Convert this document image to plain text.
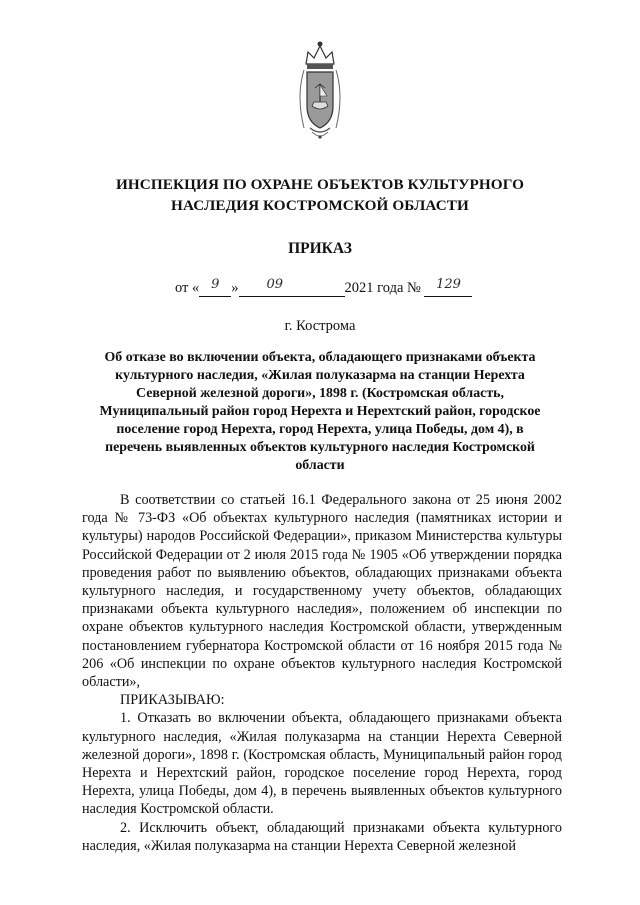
ИНСПЕКЦИЯ ПО ОХРАНЕ ОБЪЕКТОВ КУЛЬТУРНОГО
НАСЛЕДИЯ КОСТРОМСКОЙ ОБЛАСТИ
ПРИКАЗ
от « 9 » 09	2021 года № 129
г. Кострома
Об отказе во включении объекта, обладающего признаками объекта
культурного наследия, «Жилая полуказарма на станции Нерехта
Северной железной дороги», 1898 г. (Костромская область,
Муниципальный район город Нерехта и Нерехтский район, городское
поселение город Нерехта, город Нерехта, улица Победы, дом 4), в
перечень выявленных объектов культурного наследия Костромской
области

В соответствии со статьей 16.1 Федерального закона от 25 июня 2002 года № 73-ФЗ «Об объектах культурного наследия (памятниках истории и культуры) народов Российской Федерации», приказом Министерства культуры Российской Федерации от 2 июля 2015 года № 1905 «Об утверждении порядка проведения работ по выявлению объектов, обладающих признаками объекта культурного наследия, и государственному учету объектов, обладающих признаками объекта культурного наследия», положением об инспекции по охране объектов культурного наследия Костромской области, утвержденным постановлением губернатора Костромской области от 16 ноября 2015 года № 206 «Об инспекции по охране объектов культурного наследия Костромской области»,

ПРИКАЗЫВАЮ:

1. Отказать во включении объекта, обладающего признаками объекта культурного наследия, «Жилая полуказарма на станции Нерехта Северной железной дороги», 1898 г. (Костромская область, Муниципальный район город Нерехта и Нерехтский район, городское поселение город Нерехта, город Нерехта, улица Победы, дом 4), в перечень выявленных объектов культурного наследия Костромской области.

2. Исключить объект, обладающий признаками объекта культурного наследия, «Жилая полуказарма на станции Нерехта Северной железной
